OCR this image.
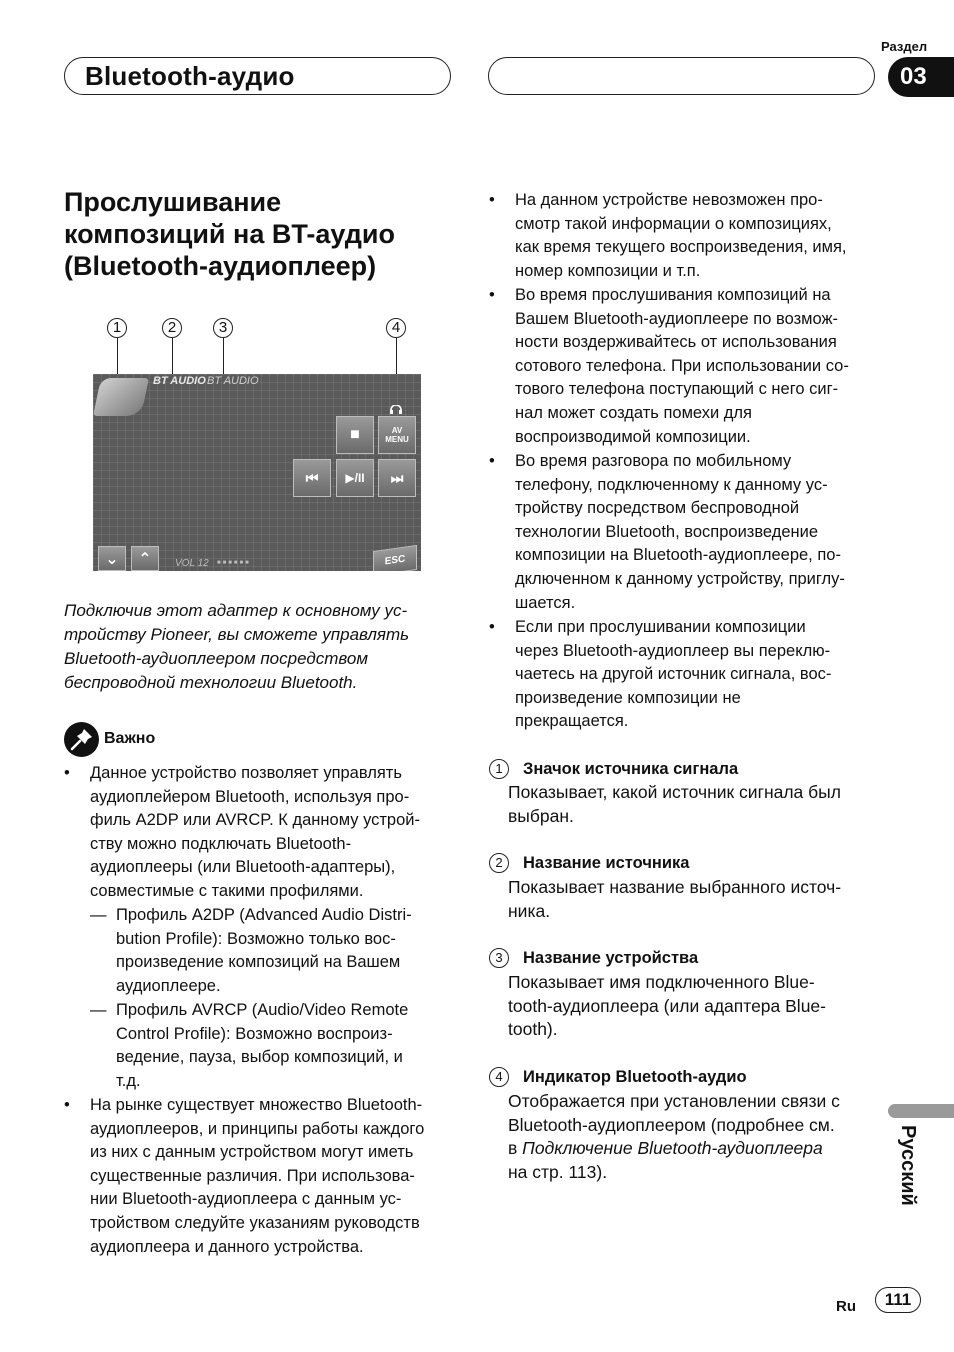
Bluetooth-аудио
Раздел
03
Прослушивание
композиций на BT-аудио
(Bluetooth-аудиоплеер)
1	2	3	4
BT AUDIO BT AUDIO
■	AV MENU
⏮	▶/II	⏭
⌄	⌃	VOL 12 ■■■■■■	ESC

Подключив этот адаптер к основному ус-
тройству Pioneer, вы сможете управлять
Bluetooth-аудиоплеером посредством
беспроводной технологии Bluetooth.

Важно
• Данное устройство позволяет управлять
аудиоплейером Bluetooth, используя про-
филь A2DP или AVRCP. К данному устрой-
ству можно подключать Bluetooth-
аудиоплееры (или Bluetooth-адаптеры),
совместимые с такими профилями.
— Профиль A2DP (Advanced Audio Distri-
bution Profile): Возможно только вос-
произведение композиций на Вашем
аудиоплеере.
— Профиль AVRCP (Audio/Video Remote
Control Profile): Возможно воспроиз-
ведение, пауза, выбор композиций, и
т.д.
• На рынке существует множество Bluetooth-
аудиоплееров, и принципы работы каждого
из них с данным устройством могут иметь
существенные различия. При использова-
нии Bluetooth-аудиоплеера с данным ус-
тройством следуйте указаниям руководств
аудиоплеера и данного устройства.
• На данном устройстве невозможен про-
смотр такой информации о композициях,
как время текущего воспроизведения, имя,
номер композиции и т.п.
• Во время прослушивания композиций на
Вашем Bluetooth-аудиоплеере по возмож-
ности воздерживайтесь от использования
сотового телефона. При использовании со-
тового телефона поступающий с него сиг-
нал может создать помехи для
воспроизводимой композиции.
• Во время разговора по мобильному
телефону, подключенному к данному ус-
тройству посредством беспроводной
технологии Bluetooth, воспроизведение
композиции на Bluetooth-аудиоплеере, по-
дключенном к данному устройству, приглу-
шается.
• Если при прослушивании композиции
через Bluetooth-аудиоплеер вы переклю-
чаетесь на другой источник сигнала, вос-
произведение композиции не
прекращается.
1 Значок источника сигнала
Показывает, какой источник сигнала был
выбран.
2 Название источника
Показывает название выбранного источ-
ника.
3 Название устройства
Показывает имя подключенного Blue-
tooth-аудиоплеера (или адаптера Blue-
tooth).
4 Индикатор Bluetooth-аудио
Отображается при установлении связи с
Bluetooth-аудиоплеером (подробнее см.
в Подключение Bluetooth-аудиоплеера
на стр. 113).	Русский
Ru	111
